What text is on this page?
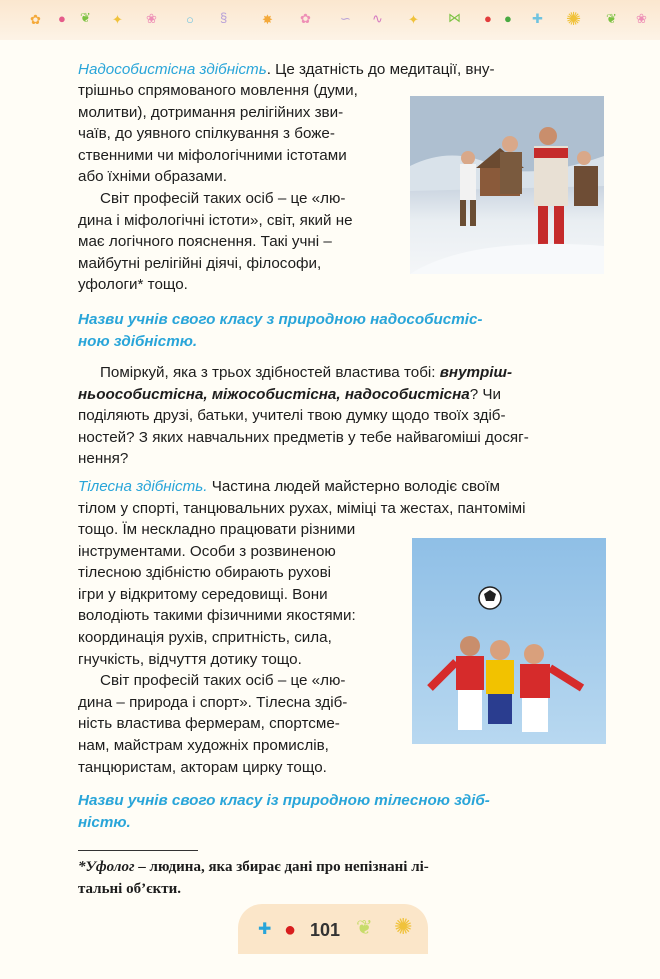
✿ ● ❦ ✦ ❀ ○ §	✸ ✿ ∽ ∿ ✦ ⋈ ● ● ✚ ✺ ❦ ❀

Надособистісна здібність. Це здатність до медитації, вну-

трішньо спрямованого мовлення (думи,
молитви), дотримання релігійних зви-
чаїв, до уявного спілкування з боже-
ственними чи міфологічними істотами
або їхніми образами.
Світ професій таких осіб – це «лю-
дина і міфологічні істоти», світ, який не
має логічного пояснення. Такі учні –
майбутні релігійні діячі, філософи,
уфологи* тощо.
Назви учнів свого класу з природною надособистіс-
ною здібністю.
Поміркуй, яка з трьох здібностей властива тобі: внутріш-
ньоособистісна, міжособистісна, надособистісна? Чи
поділяють друзі, батьки, учителі твою думку щодо твоїх здіб-
ностей? З яких навчальних предметів у тебе найвагоміші досяг-
нення?
Тілесна здібність. Частина людей майстерно володіє своїм
тілом у спорті, танцювальних рухах, міміці та жестах, пантомімі
тощо. Їм нескладно працювати різними
інструментами. Особи з розвиненою
тілесною здібністю обирають рухові
ігри у відкритому середовищі. Вони
володіють такими фізичними якостями:
координація рухів, спритність, сила,
гнучкість, відчуття дотику тощо.
Світ професій таких осіб – це «лю-
дина – природа і спорт». Тілесна здіб-
ність властива фермерам, спортсме-
нам, майстрам художніх промислів,
танцюристам, акторам цирку тощо.
Назви учнів свого класу із природною тілесною здіб-
ністю.
*Уфолог – людина, яка збирає дані про непізнані лі-
тальні об’єкти.
✚ ● 101 ❦ ✺
